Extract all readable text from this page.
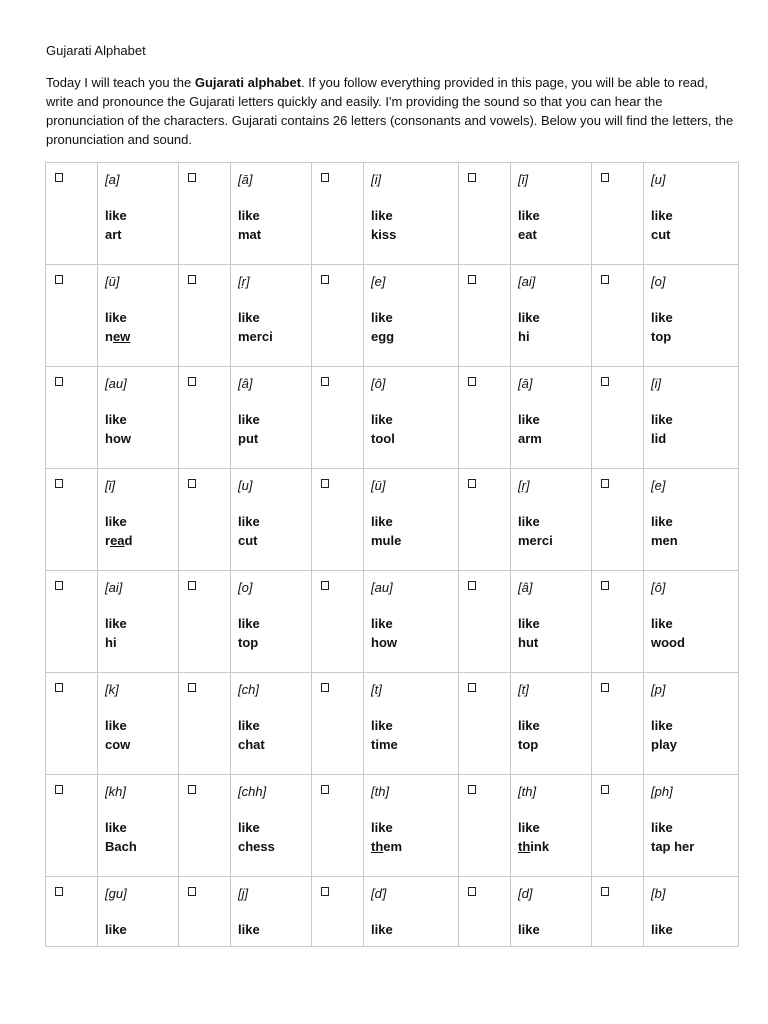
Gujarati Alphabet
Today I will teach you the Gujarati alphabet. If you follow everything provided in this page, you will be able to read, write and pronounce the Gujarati letters quickly and easily. I'm providing the sound so that you can hear the pronunciation of the characters. Gujarati contains 26 letters (consonants and vowels). Below you will find the letters, the pronunciation and sound.

	[a]
like
art		[ā]
like
mat		[i]
like
kiss		[ī]
like
eat		[u]
like
cut

	[ū]
like
new		[ṛ]
like
merci		[e]
like
egg		[ai]
like
hi		[o]
like
top

	[au]
like
how		[â]
like
put		[ô]
like
tool		[ā]
like
arm		[i]
like
lid

	[ī]
like
read		[u]
like
cut		[ū]
like
mule		[ṛ]
like
merci		[e]
like
men

	[ai]
like
hi		[o]
like
top		[au]
like
how		[â]
like
hut		[ô]
like
wood

	[k]
like
cow		[ch]
like
chat		[t]
like
time		[t]
like
top		[p]
like
play

	[kh]
like
Bach		[chh]
like
chess		[th]
like
them		[th]
like
think		[ph]
like
tap her

	[gu]
like		[j]
like		[ď]
like		[d]
like		[b]
like
